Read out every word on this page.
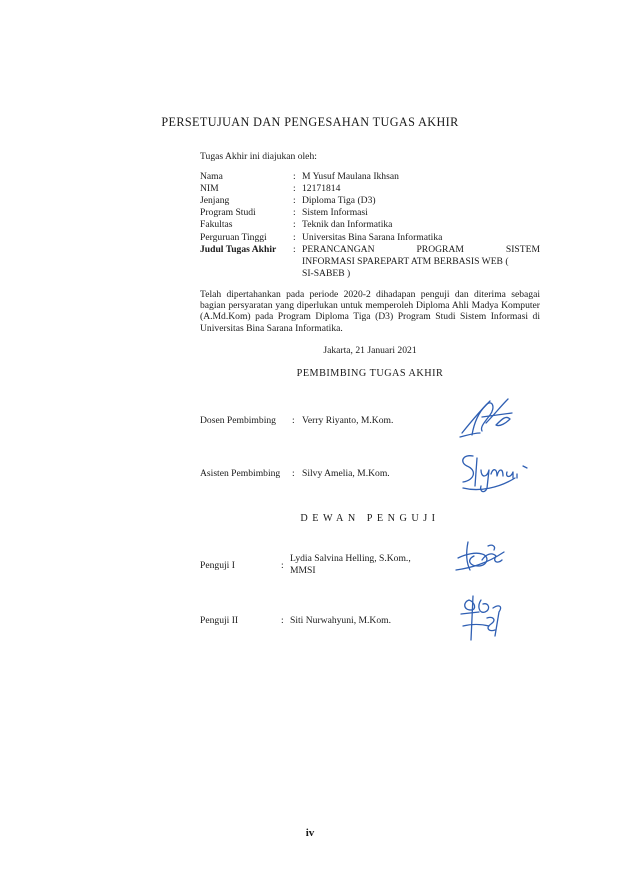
PERSETUJUAN DAN PENGESAHAN TUGAS AKHIR
Tugas Akhir ini diajukan oleh:
Nama	: M Yusuf Maulana Ikhsan
NIM	: 12171814
Jenjang	: Diploma Tiga (D3)
Program Studi	: Sistem Informasi
Fakultas	: Teknik dan Informatika
Perguruan Tinggi	: Universitas Bina Sarana Informatika
Judul Tugas Akhir : PERANCANGAN PROGRAM SISTEM
INFORMASI SPAREPART ATM BERBASIS WEB (
SI-SABEB )
Telah dipertahankan pada periode 2020-2 dihadapan penguji dan diterima sebagai bagian persyaratan yang diperlukan untuk memperoleh Diploma Ahli Madya Komputer (A.Md.Kom) pada Program Diploma Tiga (D3) Program Studi Sistem Informasi di Universitas Bina Sarana Informatika.
Jakarta, 21 Januari 2021
PEMBIMBING TUGAS AKHIR
Dosen Pembimbing : Verry Riyanto, M.Kom.
Asisten Pembimbing : Silvy Amelia, M.Kom.
DEWAN PENGUJI
Penguji I	:
Lydia Salvina Helling, S.Kom.,
MMSI
Penguji II	: Siti Nurwahyuni, M.Kom.
iv
